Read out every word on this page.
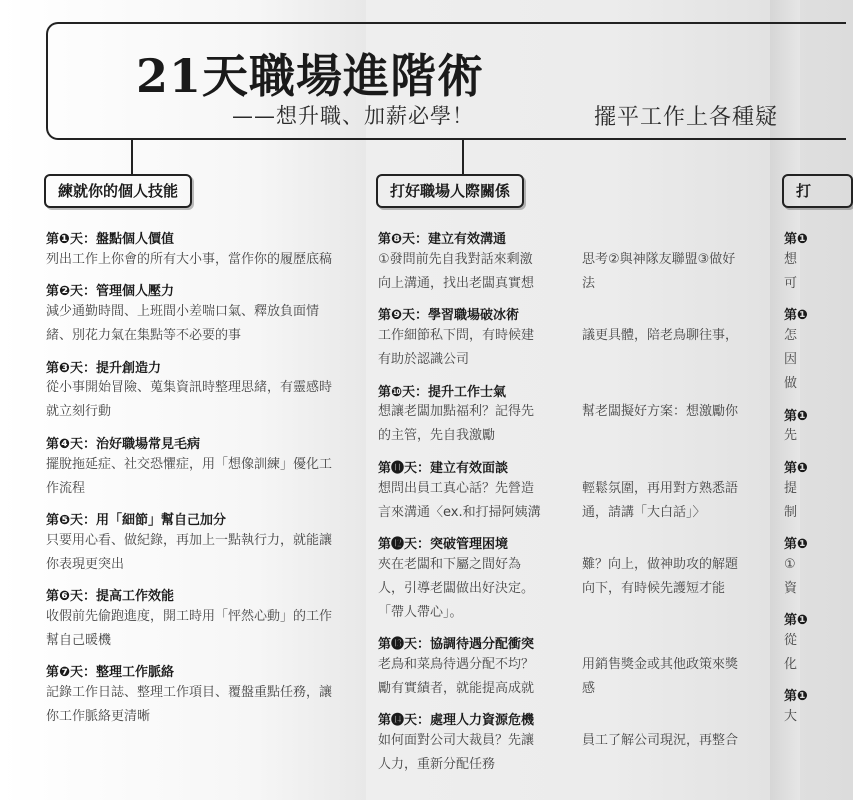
21天職場進階術
——想升職、加薪必學！	擺平工作上各種疑
練就你的個人技能	打好職場人際關係	打
第❶天：盤點個人價值
列出工作上你會的所有大小事，當作你的履歷底稿
第❷天：管理個人壓力
減少通勤時間、上班間小差喘口氣、釋放負面情
緒、別花力氣在集點等不必要的事
第❸天：提升創造力
從小事開始冒險、蒐集資訊時整理思緒，有靈感時
就立刻行動
第❹天：治好職場常見毛病
擺脫拖延症、社交恐懼症，用「想像訓練」優化工
作流程
第❺天：用「細節」幫自己加分
只要用心看、做紀錄，再加上一點執行力，就能讓
你表現更突出
第❻天：提高工作效能
收假前先偷跑進度，開工時用「怦然心動」的工作
幫自己暖機
第❼天：整理工作脈絡
記錄工作日誌、整理工作項目、覆盤重點任務，讓
你工作脈絡更清晰
第❽天：建立有效溝通
①發問前先自我對話來剩激
向上溝通，找出老闆真實想
思考②與神隊友聯盟③做好
法
第❾天：學習職場破冰術
工作細節私下問，有時候建
有助於認識公司
議更具體，陪老鳥聊往事，
第❿天：提升工作士氣
想讓老闆加點福利？記得先
的主管，先自我激勵
幫老闆擬好方案：想激勵你
第⓫天：建立有效面談
想問出員工真心話？先營造
言來溝通〈ex.和打掃阿姨溝
輕鬆氛圍，再用對方熟悉語
通，請講「大白話」〉
第⓬天：突破管理困境
夾在老闆和下屬之間好為
人，引導老闆做出好決定。
「帶人帶心」。
難？向上，做神助攻的解題
向下，有時候先護短才能
第⓭天：協調待遇分配衝突
老鳥和菜鳥待遇分配不均？
勵有實績者，就能提高成就
用銷售獎金或其他政策來獎
感
第⓮天：處理人力資源危機
如何面對公司大裁員？先讓
人力，重新分配任務
員工了解公司現況，再整合
第❶
想
可
第❶
怎
因
做
第❶
先
第❶
提
制
第❶
①
資
第❶
從
化
第❶
大
